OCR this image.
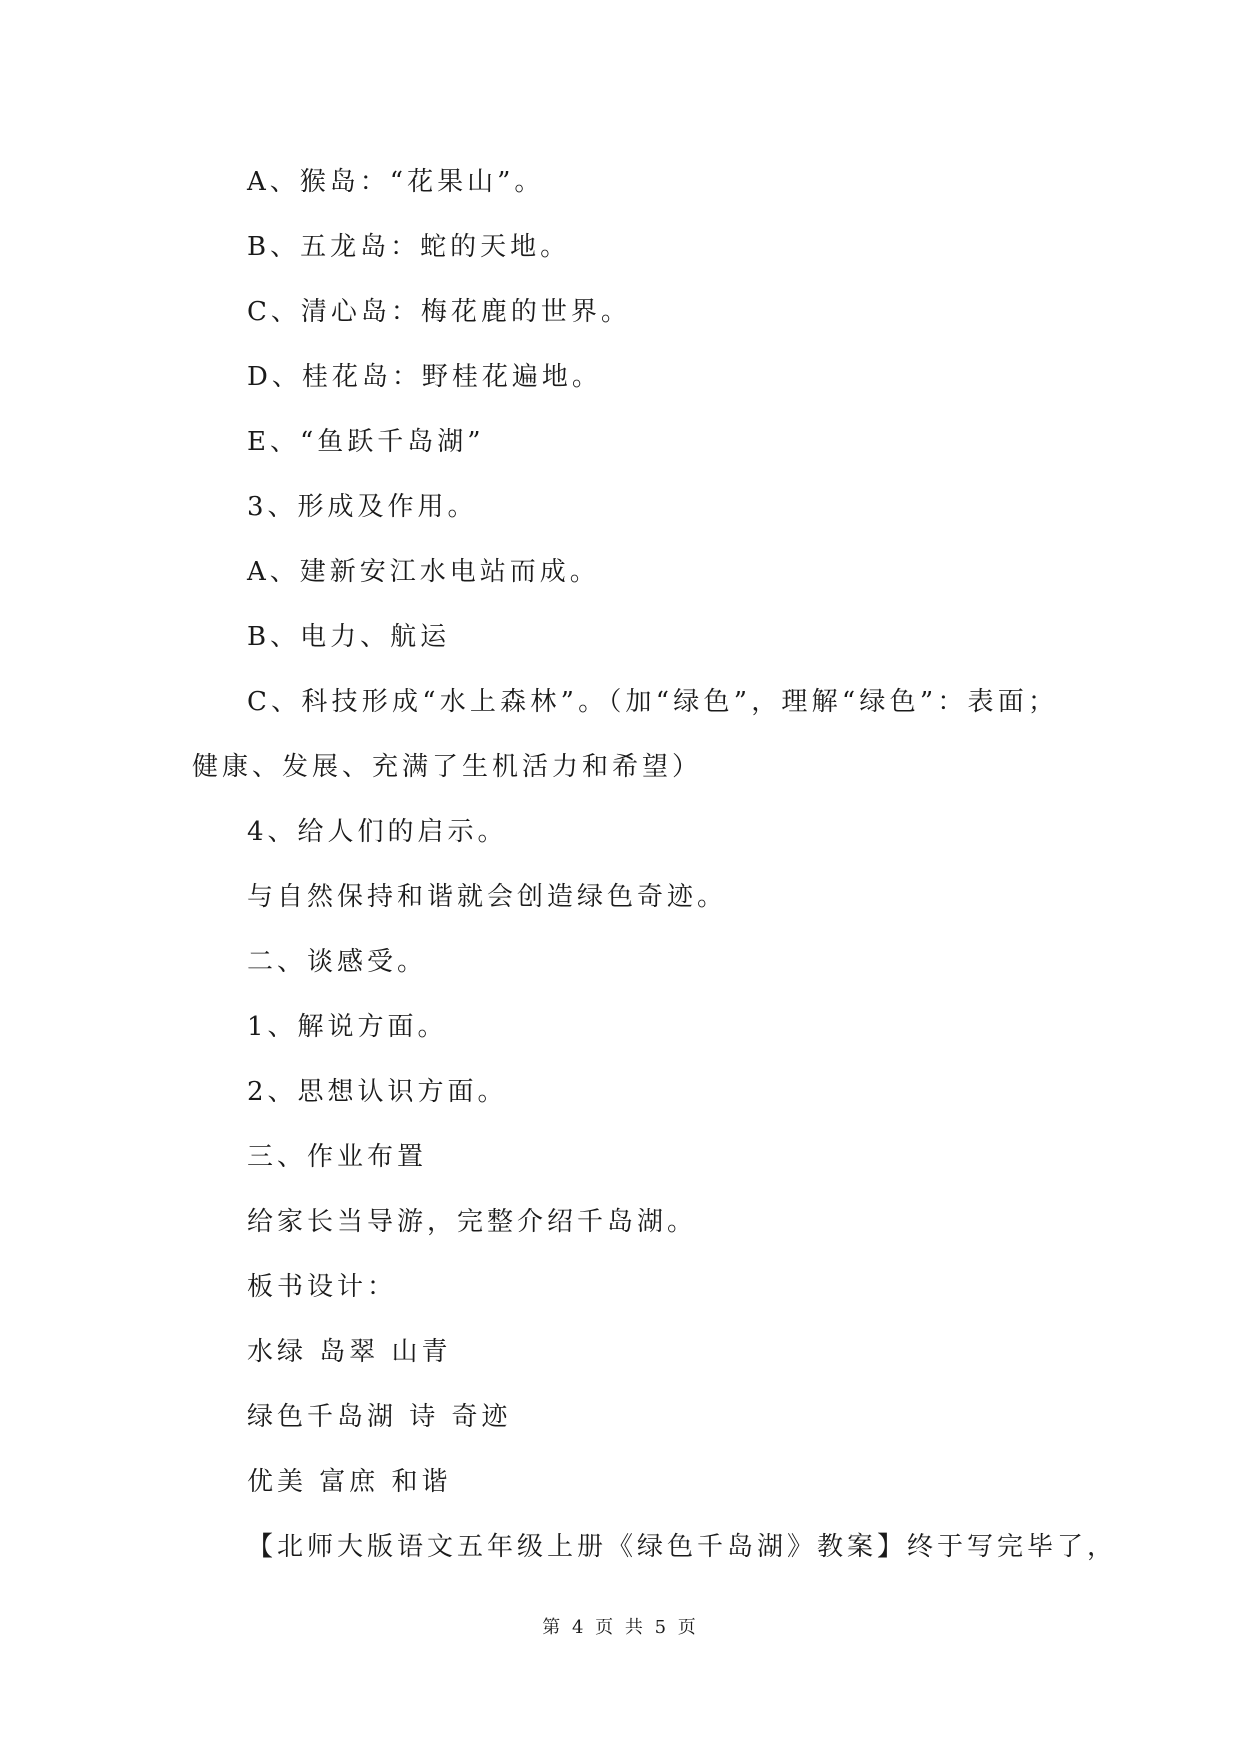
A、猴岛：“花果山”。
B、五龙岛：蛇的天地。
C、清心岛：梅花鹿的世界。
D、桂花岛：野桂花遍地。
E、“鱼跃千岛湖”
3、形成及作用。
A、建新安江水电站而成。
B、电力、航运
C、科技形成“水上森林”。（加“绿色”，理解“绿色”：表面；健康、发展、充满了生机活力和希望）
4、给人们的启示。
与自然保持和谐就会创造绿色奇迹。
二、谈感受。
1、解说方面。
2、思想认识方面。
三、作业布置
给家长当导游，完整介绍千岛湖。
板书设计：
水绿 岛翠 山青
绿色千岛湖 诗 奇迹
优美 富庶 和谐
【北师大版语文五年级上册《绿色千岛湖》教案】终于写完毕了，
第 4 页 共 5 页
